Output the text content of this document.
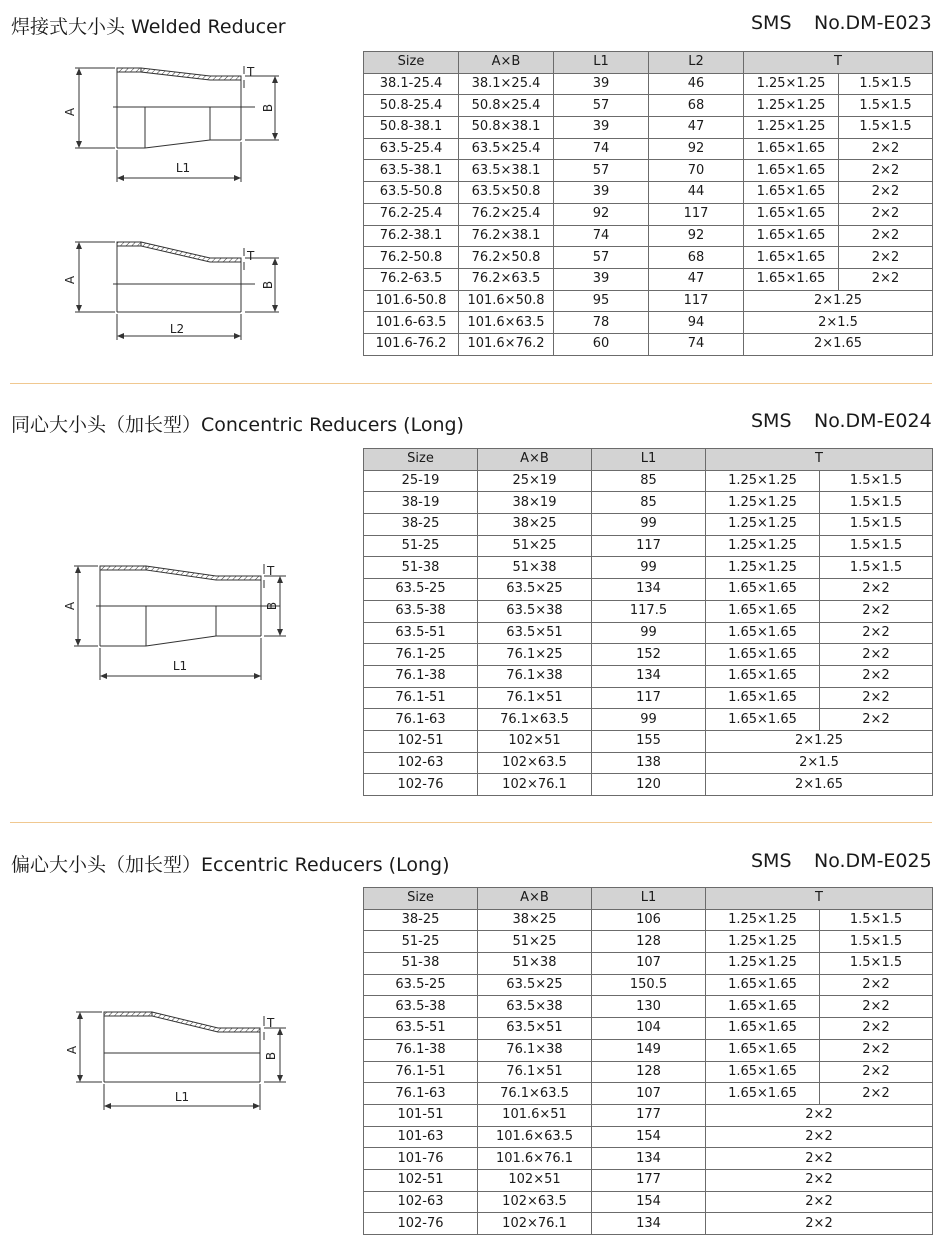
焊接式大小头 Welded Reducer	SMS No.DM-E023
A	B
T
L1
A
B
T
L2
Size	A×B	L1	L2	T	
38.1-25.4	38.1×25.4	39	46	1.25×1.25	1.5×1.5
50.8-25.4	50.8×25.4	57	68	1.25×1.25	1.5×1.5
50.8-38.1	50.8×38.1	39	47	1.25×1.25	1.5×1.5
63.5-25.4	63.5×25.4	74	92	1.65×1.65	2×2
63.5-38.1	63.5×38.1	57	70	1.65×1.65	2×2
63.5-50.8	63.5×50.8	39	44	1.65×1.65	2×2
76.2-25.4	76.2×25.4	92	117	1.65×1.65	2×2
76.2-38.1	76.2×38.1	74	92	1.65×1.65	2×2
76.2-50.8	76.2×50.8	57	68	1.65×1.65	2×2
76.2-63.5	76.2×63.5	39	47	1.65×1.65	2×2
101.6-50.8	101.6×50.8	95	117	2×1.25	
101.6-63.5	101.6×63.5	78	94	2×1.5	
101.6-76.2	101.6×76.2	60	74	2×1.65	
同心大小头（加长型）Concentric Reducers (Long)	SMS No.DM-E024
A	B
T
L1
Size	A×B	L1	T	
25-19	25×19	85	1.25×1.25	1.5×1.5
38-19	38×19	85	1.25×1.25	1.5×1.5
38-25	38×25	99	1.25×1.25	1.5×1.5
51-25	51×25	117	1.25×1.25	1.5×1.5
51-38	51×38	99	1.25×1.25	1.5×1.5
63.5-25	63.5×25	134	1.65×1.65	2×2
63.5-38	63.5×38	117.5	1.65×1.65	2×2
63.5-51	63.5×51	99	1.65×1.65	2×2
76.1-25	76.1×25	152	1.65×1.65	2×2
76.1-38	76.1×38	134	1.65×1.65	2×2
76.1-51	76.1×51	117	1.65×1.65	2×2
76.1-63	76.1×63.5	99	1.65×1.65	2×2
102-51	102×51	155	2×1.25	
102-63	102×63.5	138	2×1.5	
102-76	102×76.1	120	2×1.65	
偏心大小头（加长型）Eccentric Reducers (Long)	SMS No.DM-E025
A
B
T
L1
Size	A×B	L1	T	
38-25	38×25	106	1.25×1.25	1.5×1.5
51-25	51×25	128	1.25×1.25	1.5×1.5
51-38	51×38	107	1.25×1.25	1.5×1.5
63.5-25	63.5×25	150.5	1.65×1.65	2×2
63.5-38	63.5×38	130	1.65×1.65	2×2
63.5-51	63.5×51	104	1.65×1.65	2×2
76.1-38	76.1×38	149	1.65×1.65	2×2
76.1-51	76.1×51	128	1.65×1.65	2×2
76.1-63	76.1×63.5	107	1.65×1.65	2×2
101-51	101.6×51	177	2×2	
101-63	101.6×63.5	154	2×2	
101-76	101.6×76.1	134	2×2	
102-51	102×51	177	2×2	
102-63	102×63.5	154	2×2	
102-76	102×76.1	134	2×2	
